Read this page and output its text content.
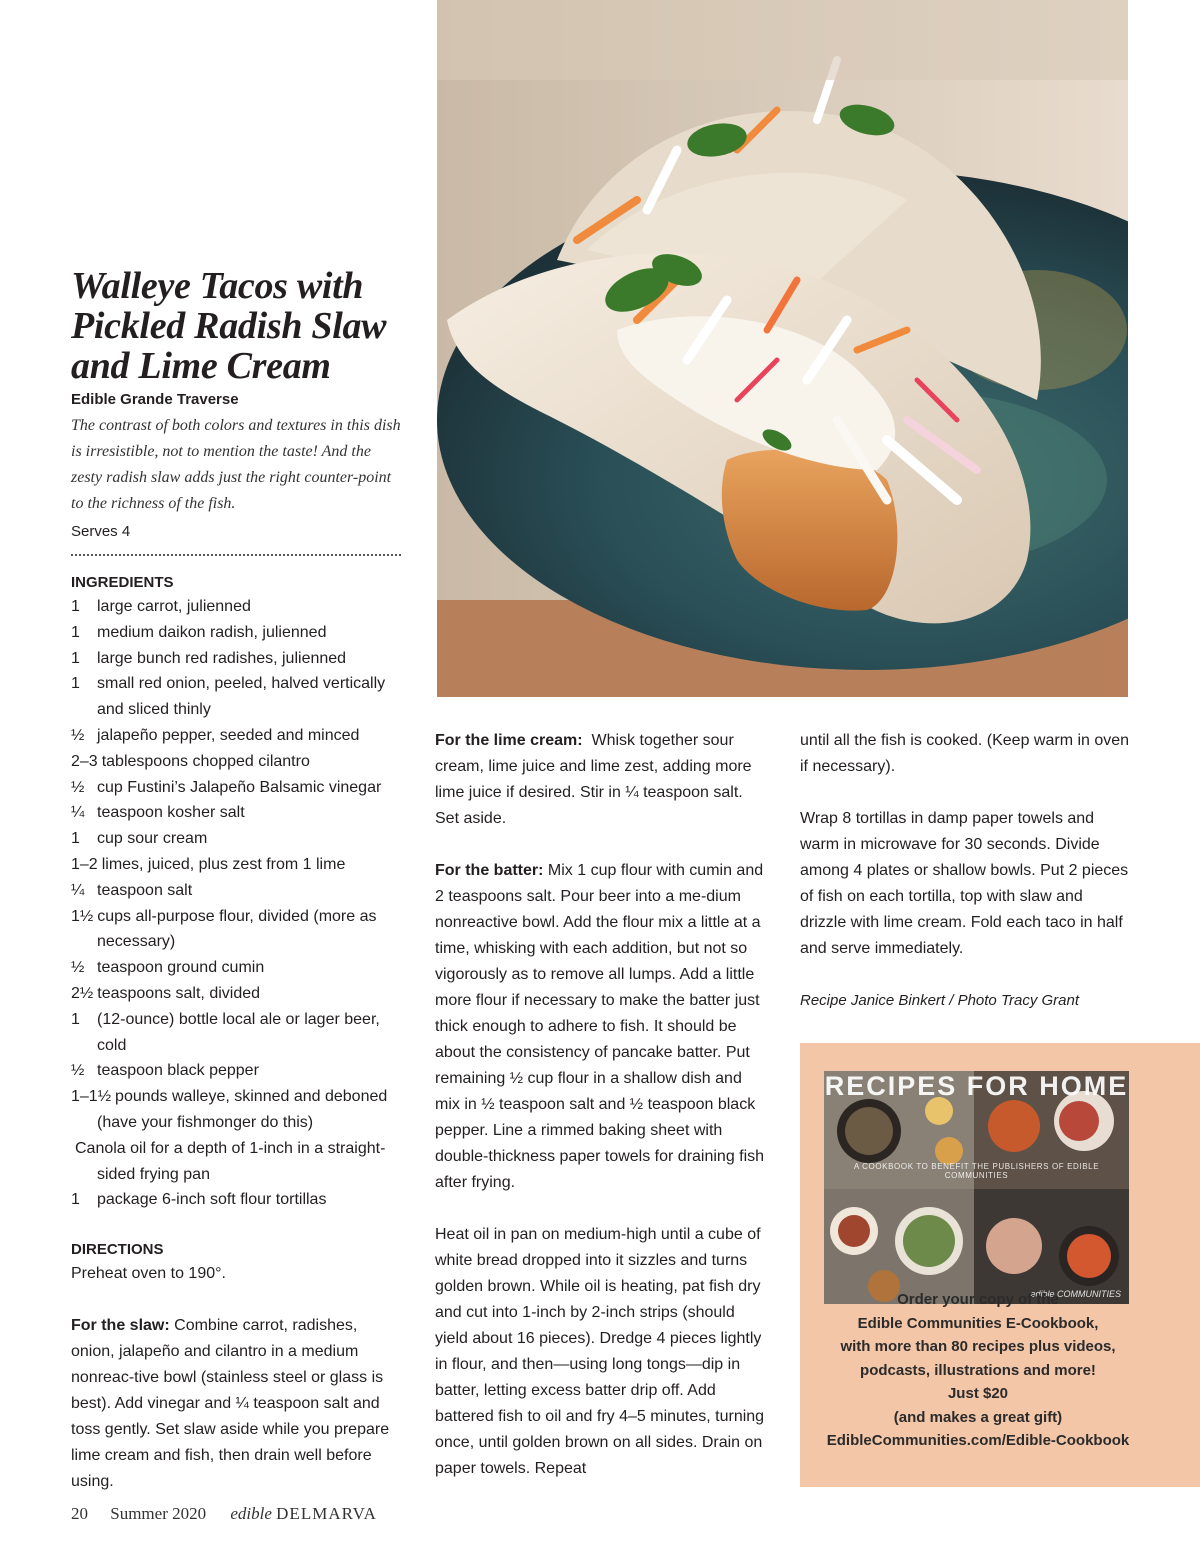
Walleye Tacos with
Pickled Radish Slaw
and Lime Cream
Edible Grande Traverse
The contrast of both colors and textures in this dish is irresistible, not to mention the taste! And the zesty radish slaw adds just the right counter-point to the richness of the fish.
Serves 4
INGREDIENTS
1	large carrot, julienned
1	medium daikon radish, julienned
1	large bunch red radishes, julienned
1	small red onion, peeled, halved vertically and sliced thinly
½ jalapeño pepper, seeded and minced
2–3 tablespoons chopped cilantro
½ cup Fustini’s Jalapeño Balsamic vinegar
¼ teaspoon kosher salt
1	cup sour cream
1–2 limes, juiced, plus zest from 1 lime
¼ teaspoon salt
1½ cups all-purpose flour, divided (more as necessary)
½ teaspoon ground cumin
2½ teaspoons salt, divided
1	(12-ounce) bottle local ale or lager beer, cold
½ teaspoon black pepper
1–1½ pounds walleye, skinned and deboned (have your fishmonger do this)
Canola oil for a depth of 1-inch in a straight-sided frying pan
1	package 6-inch soft flour tortillas
DIRECTIONS
Preheat oven to 190°.
For the slaw: Combine carrot, radishes, onion, jalapeño and cilantro in a medium nonreac-tive bowl (stainless steel or glass is best). Add vinegar and ¼ teaspoon salt and toss gently. Set slaw aside while you prepare lime cream and fish, then drain well before using.
For the lime cream: Whisk together sour cream, lime juice and lime zest, adding more lime juice if desired. Stir in ¼ teaspoon salt. Set aside.
For the batter: Mix 1 cup flour with cumin and 2 teaspoons salt. Pour beer into a me-dium nonreactive bowl. Add the flour mix a little at a time, whisking with each addition, but not so vigorously as to remove all lumps. Add a little more flour if necessary to make the batter just thick enough to adhere to fish. It should be about the consistency of pancake batter. Put remaining ½ cup flour in a shallow dish and mix in ½ teaspoon salt and ½ teaspoon black pepper. Line a rimmed baking sheet with double-thickness paper towels for draining fish after frying.
Heat oil in pan on medium-high until a cube of white bread dropped into it sizzles and turns golden brown. While oil is heating, pat fish dry and cut into 1-inch by 2-inch strips (should yield about 16 pieces). Dredge 4 pieces lightly in flour, and then—using long tongs—dip in batter, letting excess batter drip off. Add battered fish to oil and fry 4–5 minutes, turning once, until golden brown on all sides. Drain on paper towels. Repeat
until all the fish is cooked. (Keep warm in oven if necessary).
Wrap 8 tortillas in damp paper towels and warm in microwave for 30 seconds. Divide among 4 plates or shallow bowls. Put 2 pieces of fish on each tortilla, top with slaw and drizzle with lime cream. Fold each taco in half and serve immediately.
Recipe Janice Binkert / Photo Tracy Grant
RECIPES FOR HOME
A COOKBOOK TO BENEFIT THE PUBLISHERS OF EDIBLE COMMUNITIES
edible COMMUNITIES
Order your copy of the
Edible Communities E-Cookbook,
with more than 80 recipes plus videos,
podcasts, illustrations and more!
Just $20
(and makes a great gift)
EdibleCommunities.com/Edible-Cookbook
20 Summer 2020 edible DELMARVA
